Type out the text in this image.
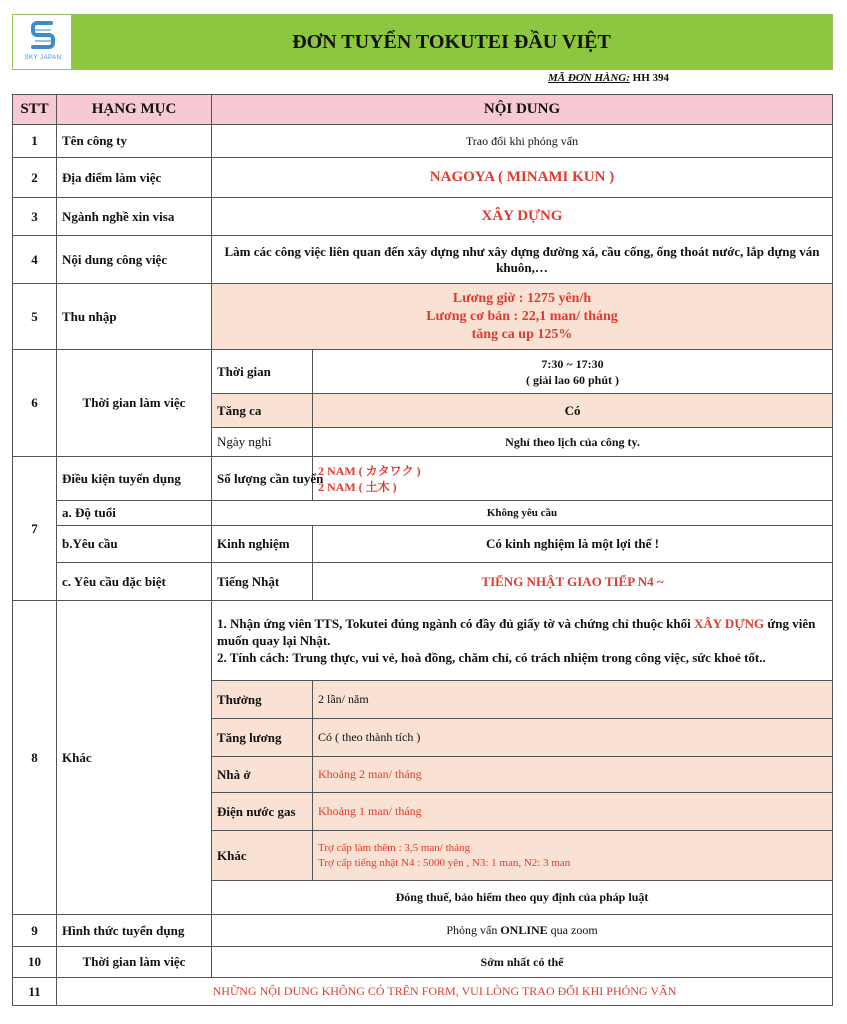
SKY JAPAN
ĐƠN TUYỂN TOKUTEI ĐẦU VIỆT
MÃ ĐƠN HÀNG: HH 394
STT	HẠNG MỤC	NỘI DUNG	
1	Tên công ty	Trao đổi khi phỏng vấn	
2	Địa điểm làm việc	NAGOYA ( MINAMI KUN )	
3	Ngành nghề xin visa	XÂY DỰNG	
4	Nội dung công việc	Làm các công việc liên quan đến xây dựng như xây dựng đường xá, cầu cống, ống thoát nước, lắp dựng ván khuôn,…	
5	Thu nhập	Lương giờ : 1275 yên/h
Lương cơ bản : 22,1 man/ tháng
tăng ca up 125%	

6	Thời gian làm việc	Thời gian	7:30 ~ 17:30
( giải lao 60 phút )

		Tăng ca	Có
		Ngày nghỉ	Nghỉ theo lịch của công ty.
7	Điều kiện tuyển dụng	Số lượng cần tuyển	2 NAM ( カタワク )
2 NAM ( 土木 )

	a. Độ tuổi	Không yêu cầu	
	b.Yêu cầu	Kinh nghiệm	Có kinh nghiệm là một lợi thế !
	c. Yêu cầu đặc biệt	Tiếng Nhật	TIẾNG NHẬT GIAO TIẾP N4 ~
8	Khác	1. Nhận ứng viên TTS, Tokutei đúng ngành có đầy đủ giấy tờ và chứng chỉ thuộc khối XÂY DỰNG ứng viên muốn quay lại Nhật.
2. Tính cách: Trung thực, vui vẻ, hoà đồng, chăm chỉ, có trách nhiệm trong công việc, sức khoẻ tốt..	

		Thưởng	2 lần/ năm
		Tăng lương	Có ( theo thành tích )
		Nhà ở	Khoảng 2 man/ tháng
		Điện nước gas	Khoảng 1 man/ tháng
		Khác	Trợ cấp làm thêm : 3,5 man/ tháng
Trợ cấp tiếng nhật N4 : 5000 yên , N3: 1 man, N2: 3 man

		Đóng thuế, bảo hiểm theo quy định của pháp luật	
9	Hình thức tuyển dụng	Phỏng vấn ONLINE qua zoom	
10	Thời gian làm việc	Sớm nhất có thể	
11	NHỮNG NỘI DUNG KHÔNG CÓ TRÊN FORM, VUI LÒNG TRAO ĐỔI KHI PHỎNG VẤN		
